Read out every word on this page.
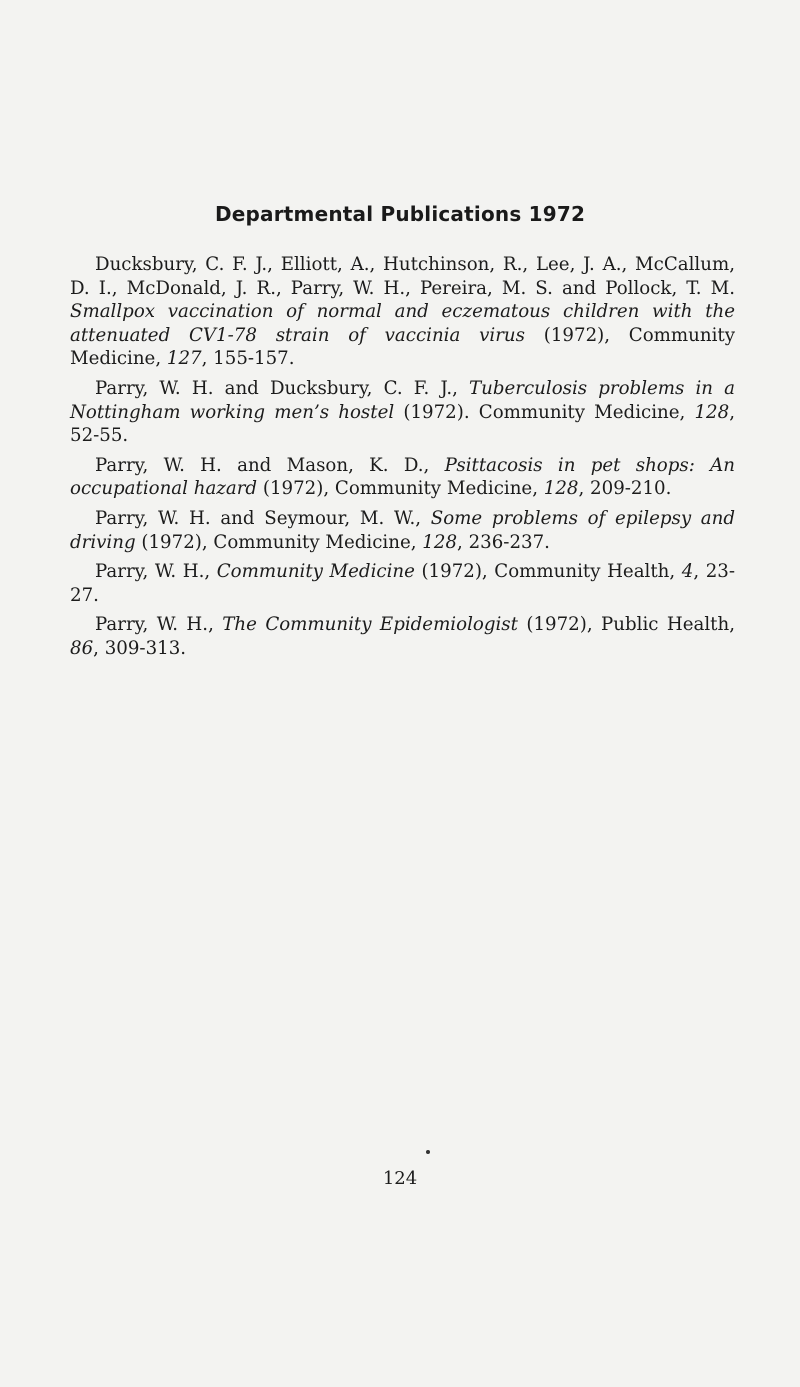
Departmental Publications 1972
Ducksbury, C. F. J., Elliott, A., Hutchinson, R., Lee, J. A., McCallum, D. I., McDonald, J. R., Parry, W. H., Pereira, M. S. and Pollock, T. M. Smallpox vaccination of normal and eczematous children with the attenuated CV1-78 strain of vaccinia virus (1972), Community Medicine, 127, 155-157.
Parry, W. H. and Ducksbury, C. F. J., Tuberculosis problems in a Nottingham working men’s hostel (1972). Community Medicine, 128, 52-55.
Parry, W. H. and Mason, K. D., Psittacosis in pet shops: An occupational hazard (1972), Community Medicine, 128, 209-210.
Parry, W. H. and Seymour, M. W., Some problems of epilepsy and driving (1972), Community Medicine, 128, 236-237.
Parry, W. H., Community Medicine (1972), Community Health, 4, 23-27.
Parry, W. H., The Community Epidemiologist (1972), Public Health, 86, 309-313.
124
